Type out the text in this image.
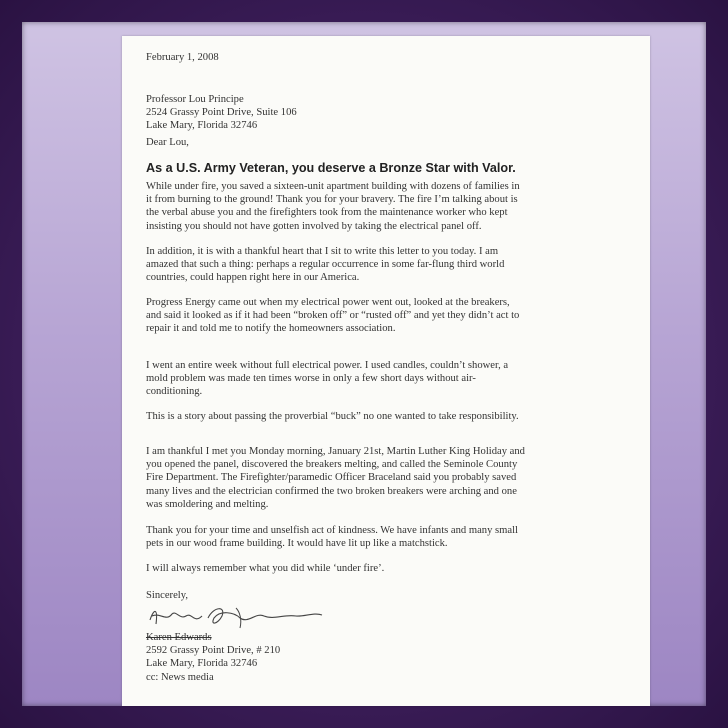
February 1, 2008
Professor Lou Principe
2524 Grassy Point Drive, Suite 106
Lake Mary, Florida 32746
Dear Lou,
As a U.S. Army Veteran, you deserve a Bronze Star with Valor.
While under fire, you saved a sixteen-unit apartment building with dozens of families in
it from burning to the ground! Thank you for your bravery. The fire I’m talking about is
the verbal abuse you and the firefighters took from the maintenance worker who kept
insisting you should not have gotten involved by taking the electrical panel off.
In addition, it is with a thankful heart that I sit to write this letter to you today. I am
amazed that such a thing: perhaps a regular occurrence in some far-flung third world
countries, could happen right here in our America.
Progress Energy came out when my electrical power went out, looked at the breakers,
and said it looked as if it had been “broken off” or “rusted off” and yet they didn’t act to
repair it and told me to notify the homeowners association.
I went an entire week without full electrical power. I used candles, couldn’t shower, a
mold problem was made ten times worse in only a few short days without air-
conditioning.
This is a story about passing the proverbial “buck” no one wanted to take responsibility.
I am thankful I met you Monday morning, January 21st, Martin Luther King Holiday and
you opened the panel, discovered the breakers melting, and called the Seminole County
Fire Department. The Firefighter/paramedic Officer Braceland said you probably saved
many lives and the electrician confirmed the two broken breakers were arching and one
was smoldering and melting.
Thank you for your time and unselfish act of kindness. We have infants and many small
pets in our wood frame building. It would have lit up like a matchstick.
I will always remember what you did while ‘under fire’.
Sincerely,
Karen Edwards
2592 Grassy Point Drive, # 210
Lake Mary, Florida 32746
cc: News media
